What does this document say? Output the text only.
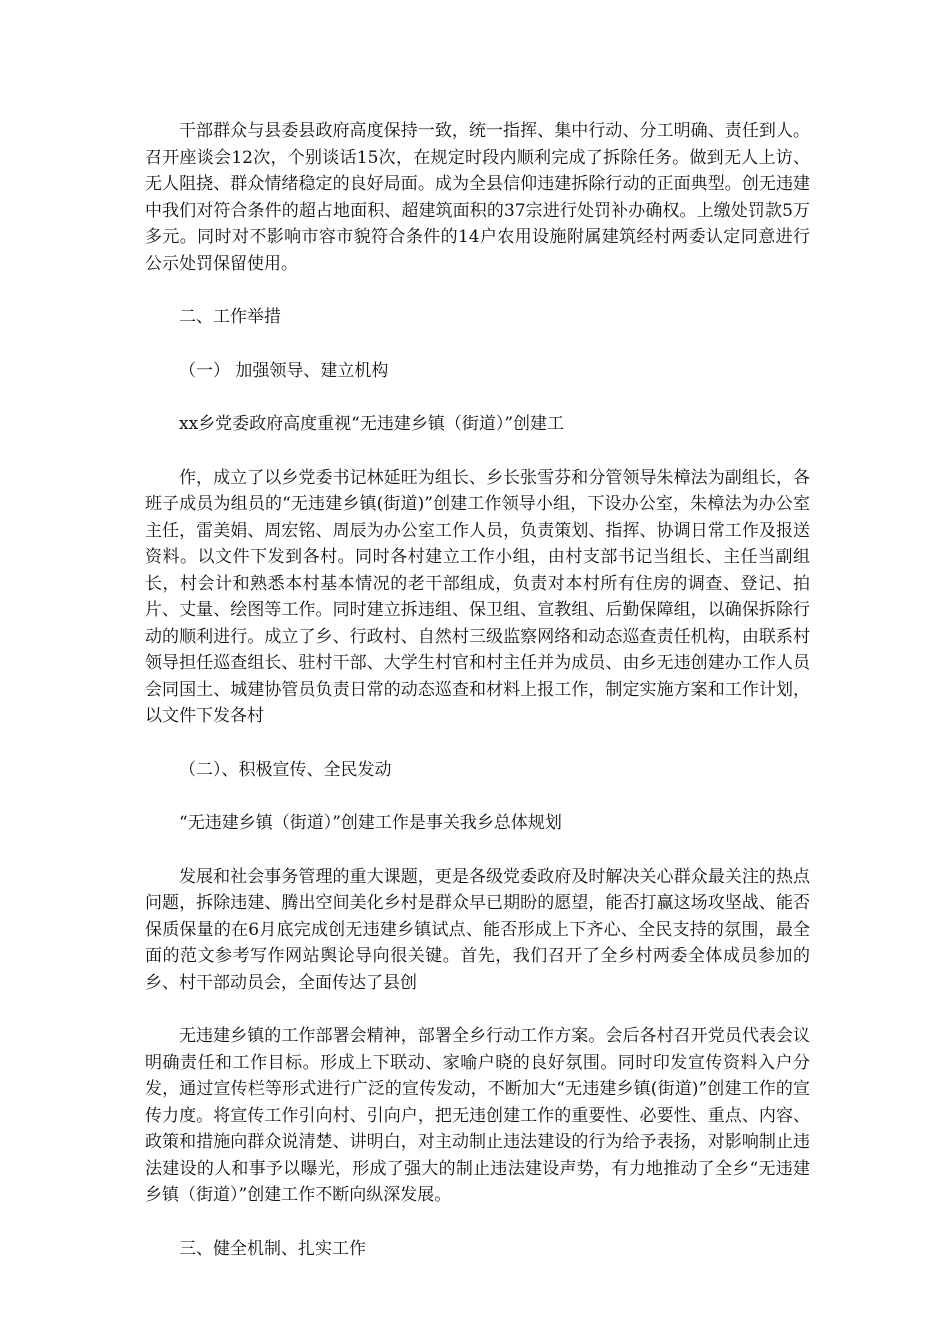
干部群众与县委县政府高度保持一致，统一指挥、集中行动、分工明确、责任到人。召开座谈会12次，个别谈话15次，在规定时段内顺利完成了拆除任务。做到无人上访、无人阻挠、群众情绪稳定的良好局面。成为全县信仰违建拆除行动的正面典型。创无违建中我们对符合条件的超占地面积、超建筑面积的37宗进行处罚补办确权。上缴处罚款5万多元。同时对不影响市容市貌符合条件的14户农用设施附属建筑经村两委认定同意进行公示处罚保留使用。

二、工作举措

（一） 加强领导、建立机构

xx乡党委政府高度重视“无违建乡镇（街道）”创建工

作，成立了以乡党委书记林延旺为组长、乡长张雪芬和分管领导朱樟法为副组长，各班子成员为组员的“无违建乡镇(街道)”创建工作领导小组，下设办公室，朱樟法为办公室主任，雷美娟、周宏铭、周辰为办公室工作人员，负责策划、指挥、协调日常工作及报送资料。以文件下发到各村。同时各村建立工作小组，由村支部书记当组长、主任当副组长，村会计和熟悉本村基本情况的老干部组成，负责对本村所有住房的调查、登记、拍片、丈量、绘图等工作。同时建立拆违组、保卫组、宣教组、后勤保障组，以确保拆除行动的顺利进行。成立了乡、行政村、自然村三级监察网络和动态巡查责任机构，由联系村领导担任巡查组长、驻村干部、大学生村官和村主任并为成员、由乡无违创建办工作人员会同国土、城建协管员负责日常的动态巡查和材料上报工作，制定实施方案和工作计划，以文件下发各村

（二）、积极宣传、全民发动

“无违建乡镇（街道）”创建工作是事关我乡总体规划

发展和社会事务管理的重大课题，更是各级党委政府及时解决关心群众最关注的热点问题，拆除违建、腾出空间美化乡村是群众早已期盼的愿望，能否打赢这场攻坚战、能否保质保量的在6月底完成创无违建乡镇试点、能否形成上下齐心、全民支持的氛围，最全面的范文参考写作网站舆论导向很关键。首先，我们召开了全乡村两委全体成员参加的乡、村干部动员会，全面传达了县创

无违建乡镇的工作部署会精神，部署全乡行动工作方案。会后各村召开党员代表会议明确责任和工作目标。形成上下联动、家喻户晓的良好氛围。同时印发宣传资料入户分发，通过宣传栏等形式进行广泛的宣传发动，不断加大“无违建乡镇(街道)”创建工作的宣传力度。将宣传工作引向村、引向户，把无违创建工作的重要性、必要性、重点、内容、政策和措施向群众说清楚、讲明白，对主动制止违法建设的行为给予表扬，对影响制止违法建设的人和事予以曝光，形成了强大的制止违法建设声势，有力地推动了全乡“无违建乡镇（街道）”创建工作不断向纵深发展。

三、健全机制、扎实工作
